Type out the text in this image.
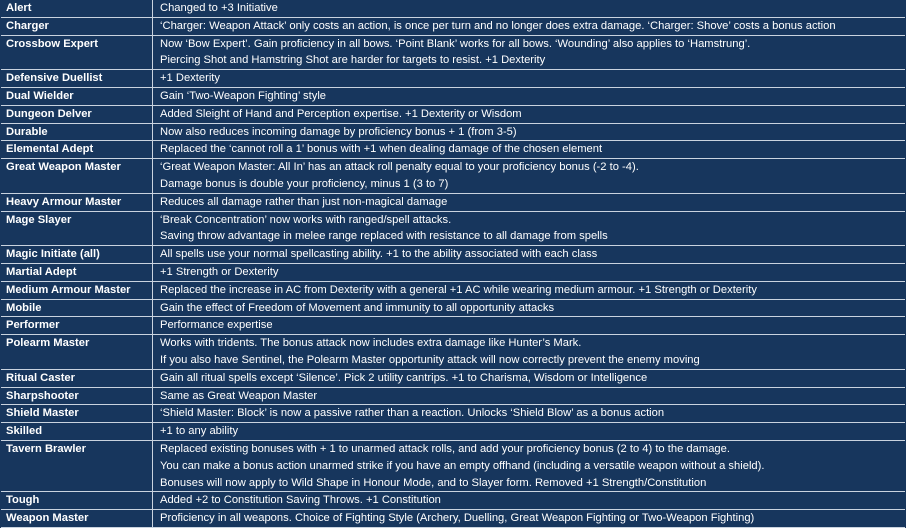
Alert	Changed to +3 Initiative

Charger	‘Charger: Weapon Attack’ only costs an action, is once per turn and no longer does extra damage. ‘Charger: Shove’ costs a bonus action

Crossbow Expert	Now ‘Bow Expert’. Gain proficiency in all bows. ‘Point Blank’ works for all bows. ‘Wounding’ also applies to ‘Hamstrung’.
Piercing Shot and Hamstring Shot are harder for targets to resist. +1 Dexterity

Defensive Duellist	+1 Dexterity

Dual Wielder	Gain ‘Two-Weapon Fighting’ style

Dungeon Delver	Added Sleight of Hand and Perception expertise. +1 Dexterity or Wisdom

Durable	Now also reduces incoming damage by proficiency bonus + 1 (from 3-5)

Elemental Adept	Replaced the ‘cannot roll a 1’ bonus with +1 when dealing damage of the chosen element

Great Weapon Master	‘Great Weapon Master: All In’ has an attack roll penalty equal to your proficiency bonus (-2 to -4).
Damage bonus is double your proficiency, minus 1 (3 to 7)

Heavy Armour Master	Reduces all damage rather than just non-magical damage

Mage Slayer	‘Break Concentration’ now works with ranged/spell attacks.
Saving throw advantage in melee range replaced with resistance to all damage from spells

Magic Initiate (all)	All spells use your normal spellcasting ability. +1 to the ability associated with each class

Martial Adept	+1 Strength or Dexterity

Medium Armour Master	Replaced the increase in AC from Dexterity with a general +1 AC while wearing medium armour. +1 Strength or Dexterity

Mobile	Gain the effect of Freedom of Movement and immunity to all opportunity attacks

Performer	Performance expertise

Polearm Master	Works with tridents. The bonus attack now includes extra damage like Hunter’s Mark.
If you also have Sentinel, the Polearm Master opportunity attack will now correctly prevent the enemy moving

Ritual Caster	Gain all ritual spells except ‘Silence’. Pick 2 utility cantrips. +1 to Charisma, Wisdom or Intelligence

Sharpshooter	Same as Great Weapon Master

Shield Master	‘Shield Master: Block’ is now a passive rather than a reaction. Unlocks ‘Shield Blow’ as a bonus action

Skilled	+1 to any ability

Tavern Brawler	Replaced existing bonuses with + 1 to unarmed attack rolls, and add your proficiency bonus (2 to 4) to the damage.
You can make a bonus action unarmed strike if you have an empty offhand (including a versatile weapon without a shield).
Bonuses will now apply to Wild Shape in Honour Mode, and to Slayer form. Removed +1 Strength/Constitution

Tough	Added +2 to Constitution Saving Throws. +1 Constitution

Weapon Master	Proficiency in all weapons. Choice of Fighting Style (Archery, Duelling, Great Weapon Fighting or Two-Weapon Fighting)
